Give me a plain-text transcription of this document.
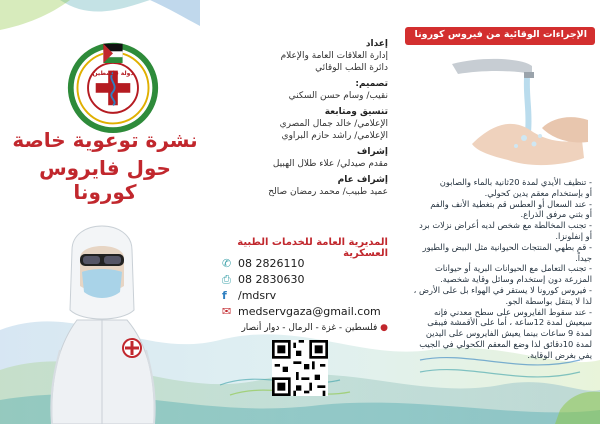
دولة فلسطين
نشرة توعوية خاصة
حول فايروس كورونا
إعداد
إدارة العلاقات العامة والإعلام
دائرة الطب الوقائي
تصميم:
نقيب/ وسام حسن السكني
تنسيق ومتابعة
الإعلامي/ خالد جمال المصري
الإعلامي/ راشد حازم البراوي
إشراف
مقدم صيدلي/ علاء طلال الهبيل
إشراف عام
عميد طبيب/ محمد رمضان صالح
المديرية العامة للخدمات الطبية العسكرية
✆ 08 2826110
⎙ 08 2830630
f /mdsrv
✉ medservgaza@gmail.com
● فلسطين - غزة - الرمال - دوار أنصار
الإجراءات الوقائية من فيروس كورونا
- تنظيف الأيدي لمدة 20ثانية بالماء والصابون
أو بإستخدام معقم يدين كحولي.
- عند السعال أو العطس قم بتغطية الأنف والفم
أو بثني مرفق الذراع.
- تجنب المخالطة مع شخص لديه أعراض نزلات برد
أو إنفلونزا.
- قم بطهي المنتجات الحيوانية مثل البيض والطيور
جيداً.
- تجنب التعامل مع الحيوانات البرية أو حيوانات
المزرعة دون إستخدام وسائل وقاية شخصية.
- فيروس كورونا لا يستقر في الهواء بل على الأرض ،
لذا لا ينتقل بواسطة الجو.
- عند سقوط الفايروس على سطح معدني فإنه
سيعيش لمدة 12ساعة ، أما على الأقمشة فيبقى
لمدة 9 ساعات بينما يعيش الفايروس على اليدين
لمدة 10دقائق لذا وضع المعقم الكحولي في الجيب
يفي بغرض الوقاية.
